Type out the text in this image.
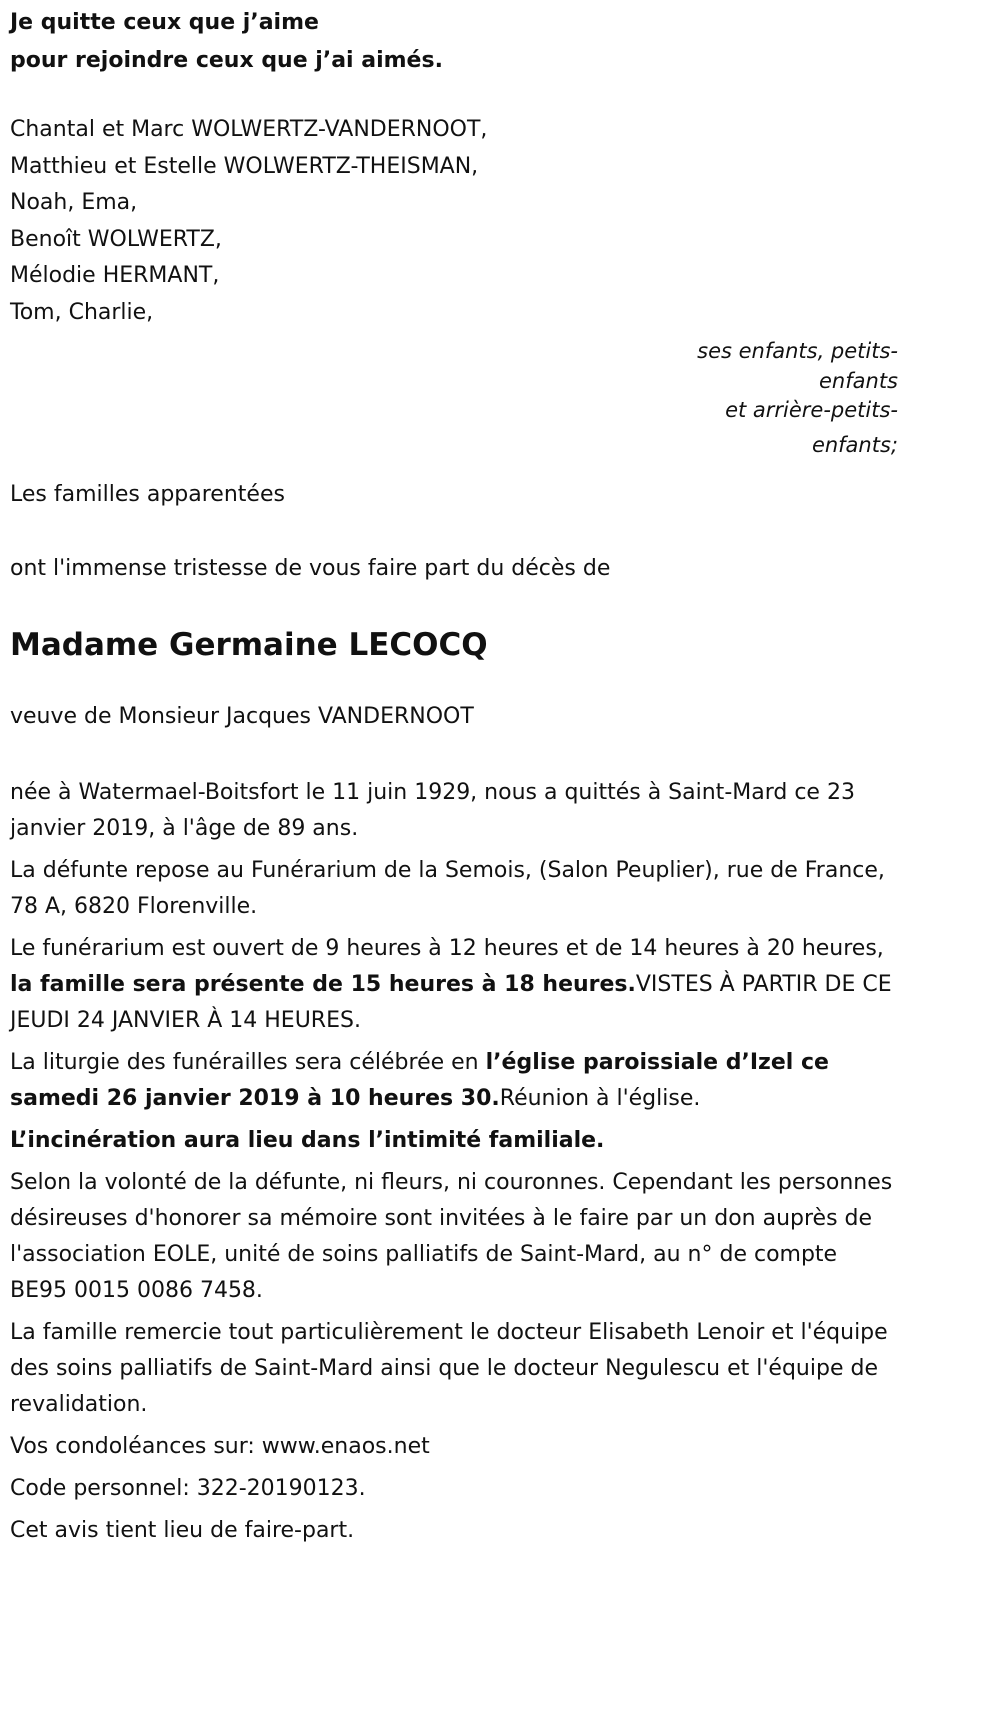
Je quitte ceux que j’aime
pour rejoindre ceux que j’ai aimés.
Chantal et Marc WOLWERTZ-VANDERNOOT,
Matthieu et Estelle WOLWERTZ-THEISMAN,
Noah, Ema,
Benoît WOLWERTZ,
Mélodie HERMANT,
Tom, Charlie,
ses enfants, petits-
enfants
et arrière-petits-
enfants;

Les familles apparentées

ont l'immense tristesse de vous faire part du décès de

Madame Germaine LECOCQ

veuve de Monsieur Jacques VANDERNOOT

née à Watermael-Boitsfort le 11 juin 1929, nous a quittés à Saint-Mard ce 23 janvier 2019, à l'âge de 89 ans.

La défunte repose au Funérarium de la Semois, (Salon Peuplier), rue de France, 78 A, 6820 Florenville.

Le funérarium est ouvert de 9 heures à 12 heures et de 14 heures à 20 heures, la famille sera présente de 15 heures à 18 heures.VISTES À PARTIR DE CE JEUDI 24 JANVIER À 14 HEURES.

La liturgie des funérailles sera célébrée en l’église paroissiale d’Izel ce samedi 26 janvier 2019 à 10 heures 30.Réunion à l'église.

L’incinération aura lieu dans l’intimité familiale.

Selon la volonté de la défunte, ni fleurs, ni couronnes. Cependant les personnes désireuses d'honorer sa mémoire sont invitées à le faire par un don auprès de l'association EOLE, unité de soins palliatifs de Saint-Mard, au n° de compte BE95 0015 0086 7458.

La famille remercie tout particulièrement le docteur Elisabeth Lenoir et l'équipe des soins palliatifs de Saint-Mard ainsi que le docteur Negulescu et l'équipe de revalidation.

Vos condoléances sur: www.enaos.net

Code personnel: 322-20190123.

Cet avis tient lieu de faire-part.
